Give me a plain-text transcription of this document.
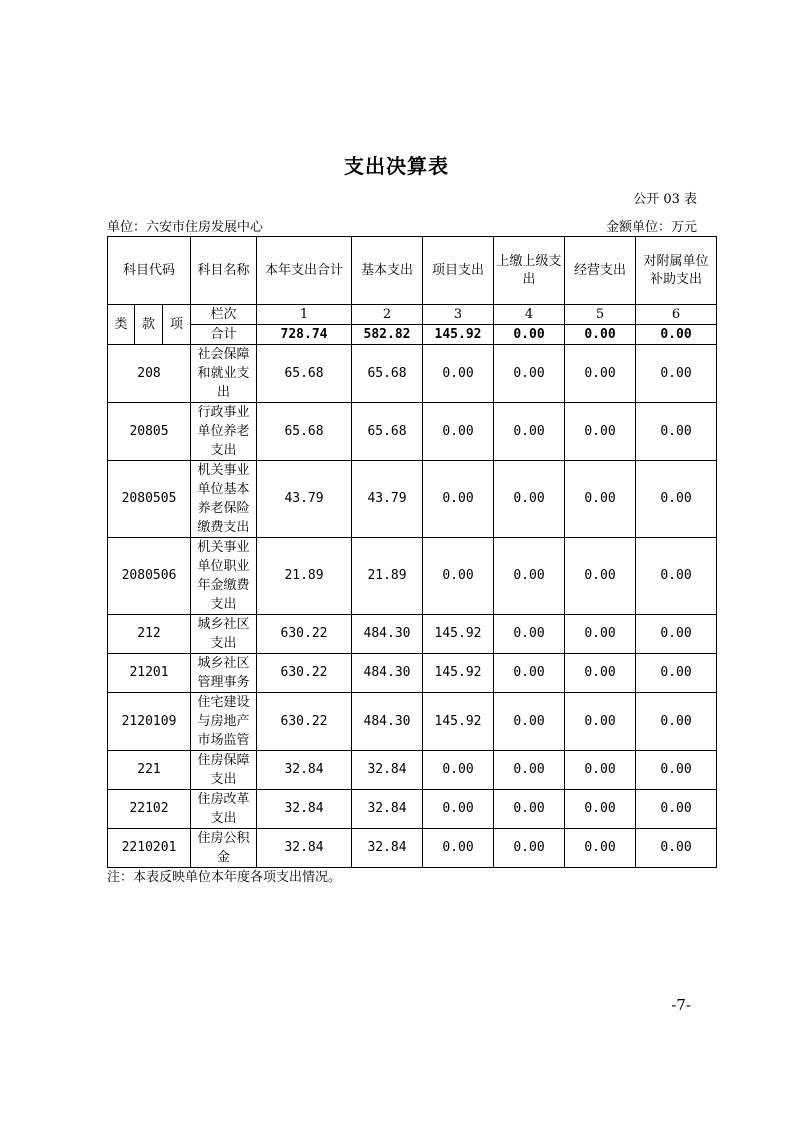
支出决算表
公开 03 表
单位：六安市住房发展中心	金额单位：万元
科目代码			科目名称	本年支出合计	基本支出	项目支出	上缴上级支出	经营支出	对附属单位补助支出
类	款	项	栏次	1	2	3	4	5	6
			合计	728.74	582.82	145.92	0.00	0.00	0.00
208			社会保障和就业支出	65.68	65.68	0.00	0.00	0.00	0.00
20805			行政事业单位养老支出	65.68	65.68	0.00	0.00	0.00	0.00
2080505			机关事业单位基本养老保险缴费支出	43.79	43.79	0.00	0.00	0.00	0.00
2080506			机关事业单位职业年金缴费支出	21.89	21.89	0.00	0.00	0.00	0.00
212			城乡社区支出	630.22	484.30	145.92	0.00	0.00	0.00
21201			城乡社区管理事务	630.22	484.30	145.92	0.00	0.00	0.00
2120109			住宅建设与房地产市场监管	630.22	484.30	145.92	0.00	0.00	0.00
221			住房保障支出	32.84	32.84	0.00	0.00	0.00	0.00
22102			住房改革支出	32.84	32.84	0.00	0.00	0.00	0.00
2210201			住房公积金	32.84	32.84	0.00	0.00	0.00	0.00
注：本表反映单位本年度各项支出情况。
-7-
